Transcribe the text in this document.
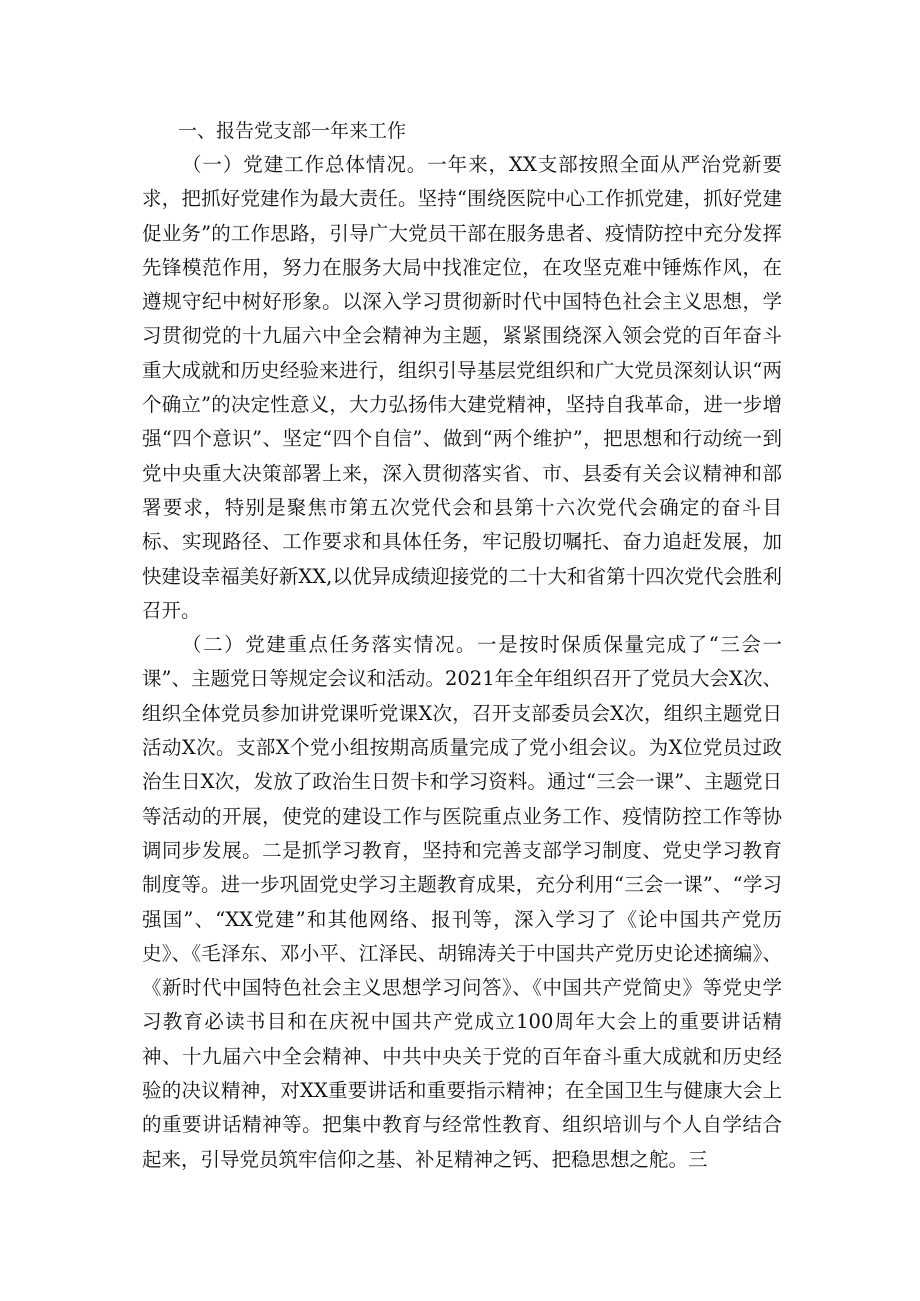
一、报告党支部一年来工作

（一）党建工作总体情况。一年来，XX支部按照全面从严治党新要求，把抓好党建作为最大责任。坚持“围绕医院中心工作抓党建，抓好党建促业务”的工作思路，引导广大党员干部在服务患者、疫情防控中充分发挥先锋模范作用，努力在服务大局中找准定位，在攻坚克难中锤炼作风，在遵规守纪中树好形象。以深入学习贯彻新时代中国特色社会主义思想，学习贯彻党的十九届六中全会精神为主题，紧紧围绕深入领会党的百年奋斗重大成就和历史经验来进行，组织引导基层党组织和广大党员深刻认识“两个确立”的决定性意义，大力弘扬伟大建党精神，坚持自我革命，进一步增强“四个意识”、坚定“四个自信”、做到“两个维护”，把思想和行动统一到党中央重大决策部署上来，深入贯彻落实省、市、县委有关会议精神和部署要求，特别是聚焦市第五次党代会和县第十六次党代会确定的奋斗目标、实现路径、工作要求和具体任务，牢记殷切嘱托、奋力追赶发展，加快建设幸福美好新XX,以优异成绩迎接党的二十大和省第十四次党代会胜利召开。

（二）党建重点任务落实情况。一是按时保质保量完成了“三会一课”、主题党日等规定会议和活动。2021年全年组织召开了党员大会X次、组织全体党员参加讲党课听党课X次，召开支部委员会X次，组织主题党日活动X次。支部X个党小组按期高质量完成了党小组会议。为X位党员过政治生日X次，发放了政治生日贺卡和学习资料。通过“三会一课”、主题党日等活动的开展，使党的建设工作与医院重点业务工作、疫情防控工作等协调同步发展。二是抓学习教育，坚持和完善支部学习制度、党史学习教育制度等。进一步巩固党史学习主题教育成果，充分利用“三会一课”、“学习强国”、“XX党建”和其他网络、报刊等，深入学习了《论中国共产党历史》、《毛泽东、邓小平、江泽民、胡锦涛关于中国共产党历史论述摘编》、《新时代中国特色社会主义思想学习问答》、《中国共产党简史》等党史学习教育必读书目和在庆祝中国共产党成立100周年大会上的重要讲话精神、十九届六中全会精神、中共中央关于党的百年奋斗重大成就和历史经验的决议精神，对XX重要讲话和重要指示精神；在全国卫生与健康大会上的重要讲话精神等。把集中教育与经常性教育、组织培训与个人自学结合起来，引导党员筑牢信仰之基、补足精神之钙、把稳思想之舵。三
